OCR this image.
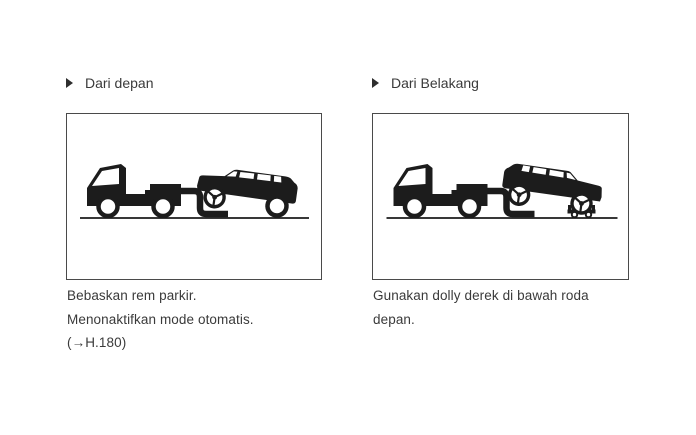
Dari depan
Bebaskan rem parkir.
Menonaktifkan mode otomatis.
(→H.180)
Dari Belakang
Gunakan dolly derek di bawah roda
depan.
